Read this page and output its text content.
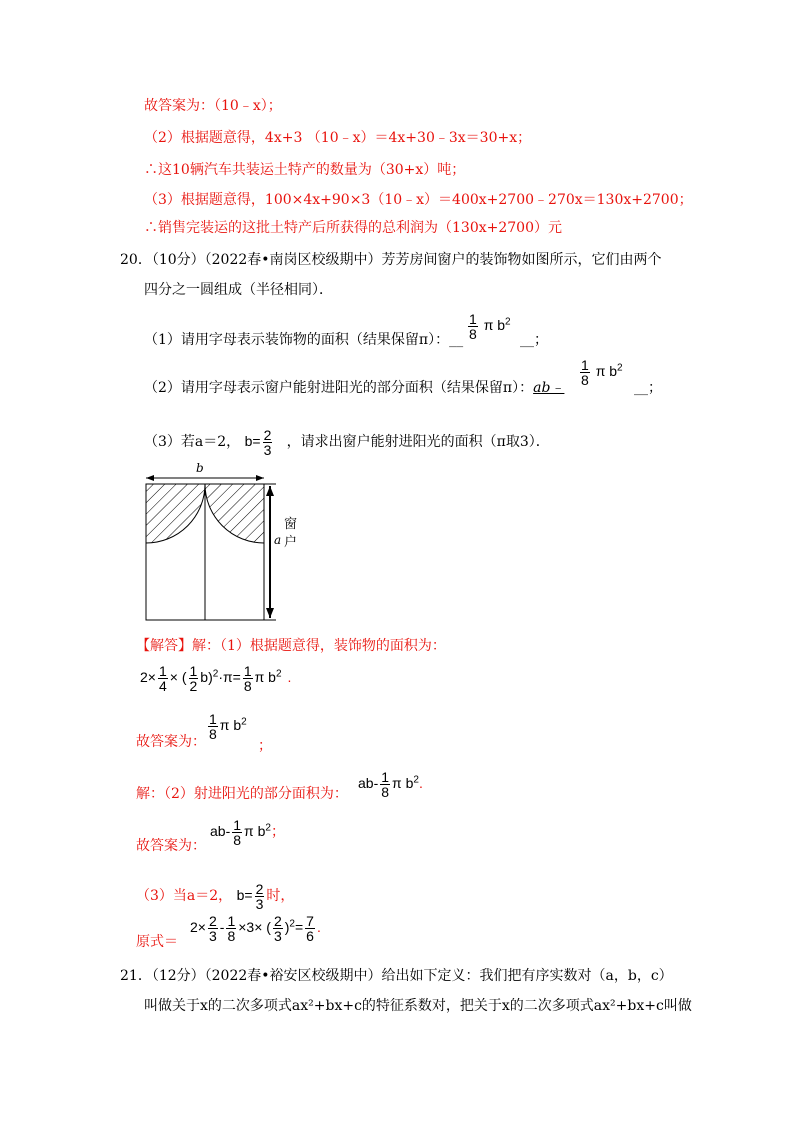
故答案为：（10﹣x）；
（2）根据题意得，4x+3 （10﹣x）＝4x+30﹣3x＝30+x；
∴这10辆汽车共装运土特产的数量为（30+x）吨；
（3）根据题意得，100×4x+90×3（10﹣x）＝400x+2700﹣270x＝130x+2700；
∴销售完装运的这批土特产后所获得的总利润为（130x+2700）元
20．（10分）（2022春•南岗区校级期中）芳芳房间窗户的装饰物如图所示，它们由两个
四分之一圆组成（半径相同）．
（1）请用字母表示装饰物的面积（结果保留π）：__ $\frac{1}{8}$ π $b^2$
__；
（2）请用字母表示窗户能射进阳光的部分面积（结果保留π）：ab﹣
$\frac{1}{8}$ π $b^2$
__；
（3）若a＝2， $b= \frac{2}{3}$ ，请求出窗户能射进阳光的面积（π取3）．
b
a
窗
户
【解答】解：（1）根据题意得，装饰物的面积为：
$2\times \frac{1}{4}$ × ( $\frac{1}{2} b)^2\cdot\pi= \frac{1}{8}$ π $b^2$ .
故答案为：
$\frac{1}{8}$ π $b^2$
；
解：（2）射进阳光的部分面积为：
$ab- \frac{1}{8}$ π $b^2$.
故答案为：
$ab- \frac{1}{8}$ π $b^2$；
（3）当a＝2， $b= \frac{2}{3}$ 时，
原式＝
$2\times \frac{2}{3} - \frac{1}{8} \times 3\times$ ( $\frac{2}{3} )^2= \frac{7}{6}$ .
21．（12分）（2022春•裕安区校级期中）给出如下定义：我们把有序实数对（a，b，c）
叫做关于x的二次多项式ax²+bx+c的特征系数对，把关于x的二次多项式ax²+bx+c叫做
